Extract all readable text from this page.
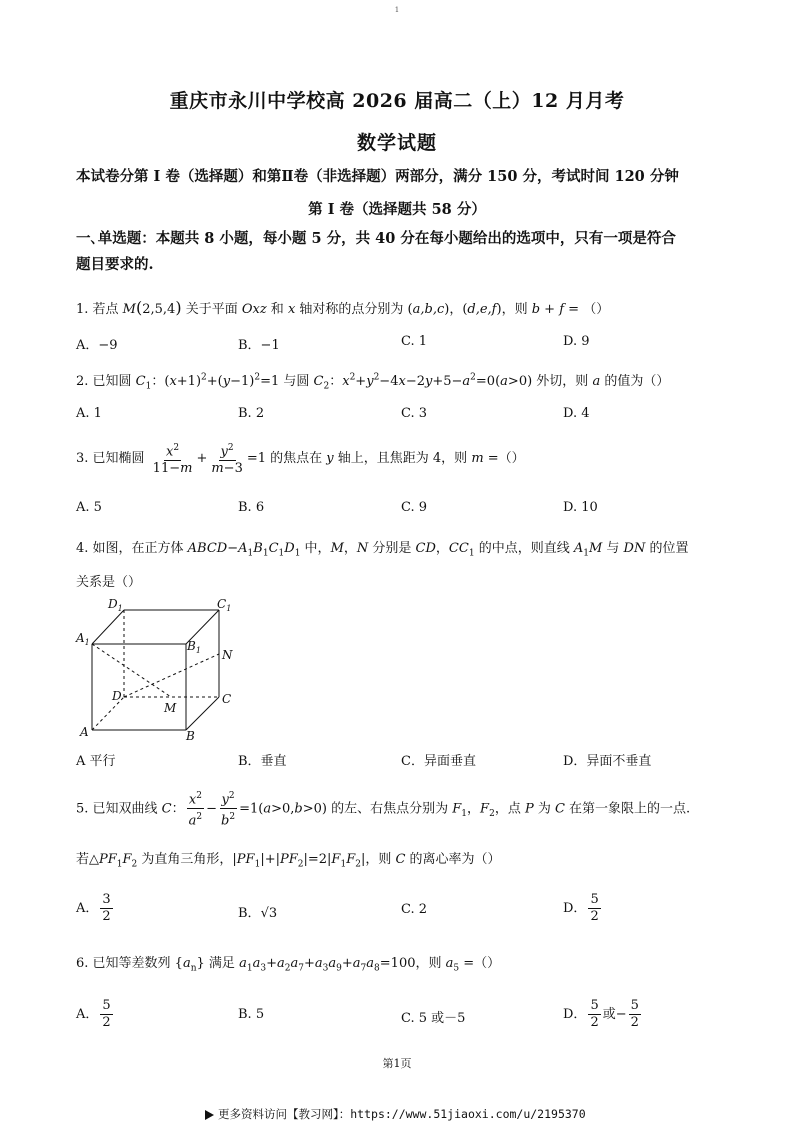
1
重庆市永川中学校高 2026 届高二（上）12 月月考
数学试题
本试卷分第 I 卷（选择题）和第Ⅱ卷（非选择题）两部分，满分 150 分，考试时间 120 分钟
第 I 卷（选择题共 58 分）
一､单选题：本题共 8 小题，每小题 5 分，共 40 分在每小题给出的选项中，只有一项是符合
题目要求的.
1. 若点 M(2,5,4) 关于平面 Oxz 和 x 轴对称的点分别为 (a,b,c)，(d,e,f)，则 b + f = （）
A．−9	B．−1	C. 1	D. 9
2. 已知圆 $C_1$：$(x+1)^2+(y-1)^2=1$ 与圆 $C_2$：$x^2+y^2-4x-2y+5-a^2=0(a>0)$ 外切，则 a 的值为（）
A. 1	B. 2	C. 3	D. 4
3. 已知椭圆 $\frac{x^2}{11-m} + \frac{y^2}{m-3} =1$ 的焦点在 y 轴上，且焦距为 4，则 m =（）
A. 5	B. 6	C. 9	D. 10
4. 如图，在正方体 $ABCD-A_1B_1C_1D_1$ 中，M，N 分别是 CD，$CC_1$ 的中点，则直线 $A_1M$ 与 DN 的位置
关系是（）
$D_1$	$C_1$
$A_1$	$B_1$ N
D	C
M
A	B
A 平行	B．垂直	C．异面垂直	D．异面不垂直
5. 已知双曲线 C： $\frac{x^2}{a^2} - \frac{y^2}{b^2} =1(a>0,b>0)$ 的左、右焦点分别为 $F_1$，$F_2$，点 P 为 C 在第一象限上的一点.
若$\triangle PF_1F_2$ 为直角三角形，$|PF_1|+|PF_2|=2|F_1F_2|$，则 C 的离心率为（）
A． $\frac{3}{2}$	B．√3	C. 2	D． $\frac{5}{2}$
6. 已知等差数列 $\{a_n\}$ 满足 $a_1a_3+a_2a_7+a_3a_9+a_7a_8=100$，则 $a_5$ =（）
A． $\frac{5}{2}$	B. 5	C. 5 或－5	D． $\frac{5}{2}$ 或− $\frac{5}{2}$
第1页
更多资料访问【教习网】：https://www.51jiaoxi.com/u/2195370
